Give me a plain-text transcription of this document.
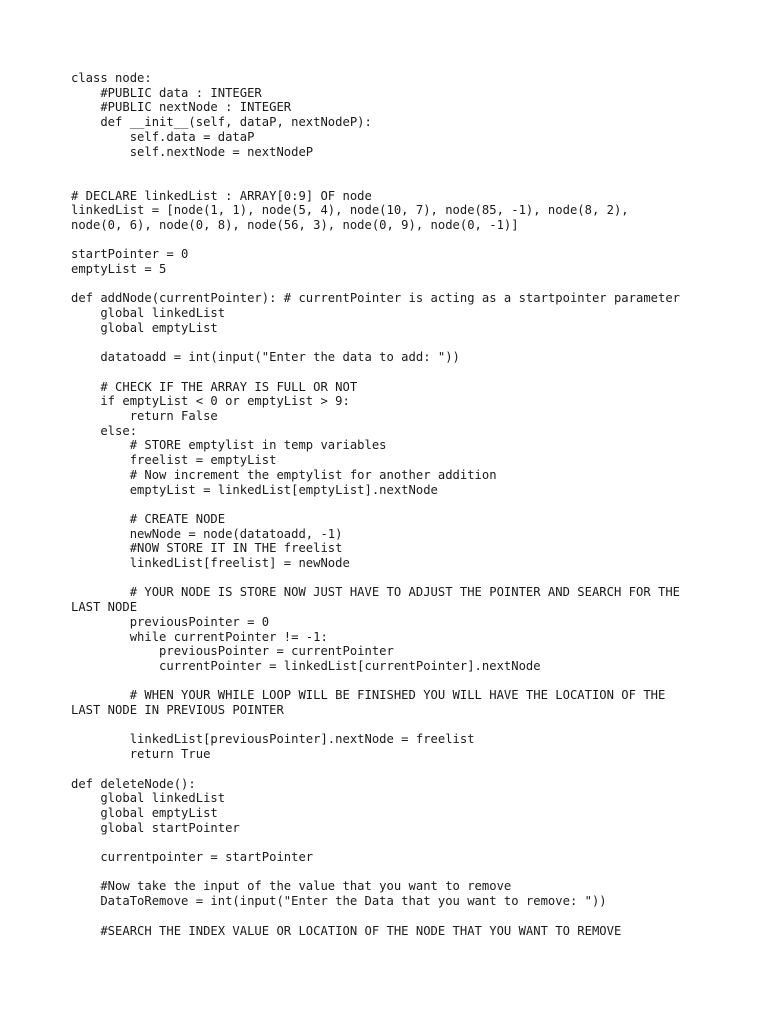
class node:
#PUBLIC data : INTEGER
#PUBLIC nextNode : INTEGER
def __init__(self, dataP, nextNodeP):
self.data = dataP
self.nextNode = nextNodeP
# DECLARE linkedList : ARRAY[0:9] OF node
linkedList = [node(1, 1), node(5, 4), node(10, 7), node(85, -1), node(8, 2),
node(0, 6), node(0, 8), node(56, 3), node(0, 9), node(0, -1)]
startPointer = 0
emptyList = 5
def addNode(currentPointer): # currentPointer is acting as a startpointer parameter
global linkedList
global emptyList
datatoadd = int(input("Enter the data to add: "))
# CHECK IF THE ARRAY IS FULL OR NOT
if emptyList < 0 or emptyList > 9:
return False
else:
# STORE emptylist in temp variables
freelist = emptyList
# Now increment the emptylist for another addition
emptyList = linkedList[emptyList].nextNode
# CREATE NODE
newNode = node(datatoadd, -1)
#NOW STORE IT IN THE freelist
linkedList[freelist] = newNode
# YOUR NODE IS STORE NOW JUST HAVE TO ADJUST THE POINTER AND SEARCH FOR THE
LAST NODE
previousPointer = 0
while currentPointer != -1:
previousPointer = currentPointer
currentPointer = linkedList[currentPointer].nextNode
# WHEN YOUR WHILE LOOP WILL BE FINISHED YOU WILL HAVE THE LOCATION OF THE
LAST NODE IN PREVIOUS POINTER
linkedList[previousPointer].nextNode = freelist
return True
def deleteNode():
global linkedList
global emptyList
global startPointer
currentpointer = startPointer
#Now take the input of the value that you want to remove
DataToRemove = int(input("Enter the Data that you want to remove: "))
#SEARCH THE INDEX VALUE OR LOCATION OF THE NODE THAT YOU WANT TO REMOVE
